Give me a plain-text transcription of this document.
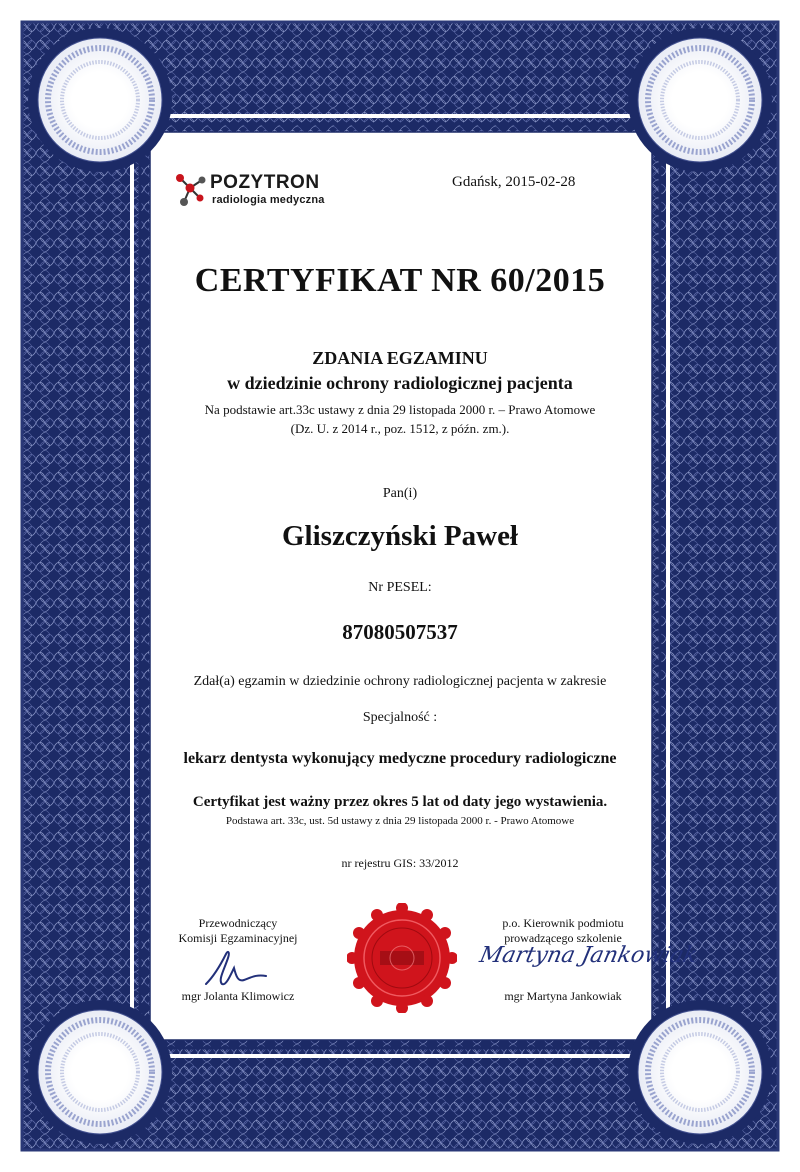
POZYTRON
radiologia medyczna
Gdańsk, 2015-02-28
CERTYFIKAT NR 60/2015
ZDANIA EGZAMINU
w dziedzinie ochrony radiologicznej pacjenta
Na podstawie art.33c ustawy z dnia 29 listopada 2000 r. – Prawo Atomowe
(Dz. U. z 2014 r., poz. 1512, z późn. zm.).
Pan(i)
Gliszczyński Paweł
Nr PESEL:
87080507537
Zdał(a) egzamin w dziedzinie ochrony radiologicznej pacjenta w zakresie
Specjalność :
lekarz dentysta wykonujący medyczne procedury radiologiczne
Certyfikat jest ważny przez okres 5 lat od daty jego wystawienia.
Podstawa art. 33c, ust. 5d ustawy z dnia 29 listopada 2000 r. - Prawo Atomowe
nr rejestru GIS: 33/2012
Przewodniczący
Komisji Egzaminacyjnej
mgr Jolanta Klimowicz
p.o. Kierownik podmiotu
prowadzącego szkolenie
Martyna Jankowiak
mgr Martyna Jankowiak
